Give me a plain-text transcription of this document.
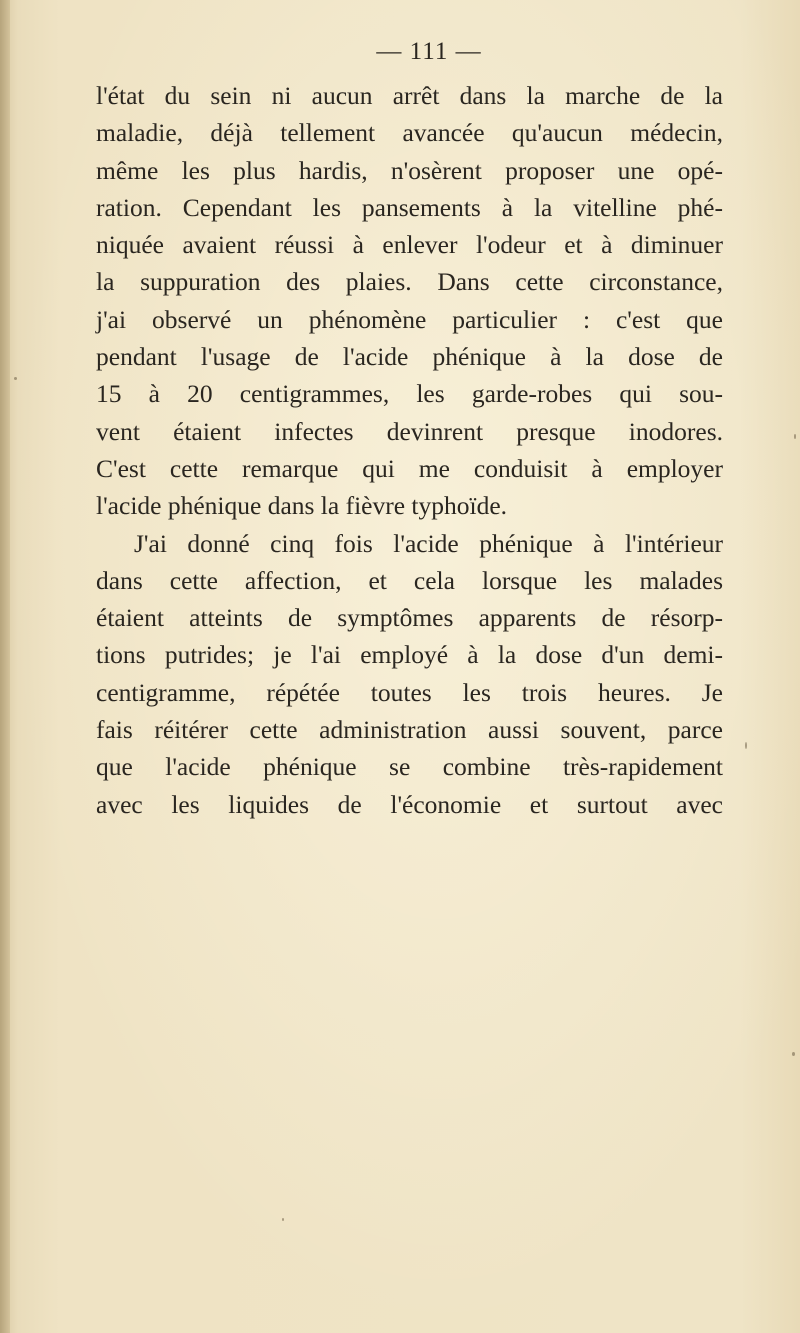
— 111 —
l'état du sein ni aucun arrêt dans la marche de la
maladie, déjà tellement avancée qu'aucun médecin,
même les plus hardis, n'osèrent proposer une opé-
ration. Cependant les pansements à la vitelline phé-
niquée avaient réussi à enlever l'odeur et à diminuer
la suppuration des plaies. Dans cette circonstance,
j'ai observé un phénomène particulier : c'est que
pendant l'usage de l'acide phénique à la dose de
15 à 20 centigrammes, les garde-robes qui sou-
vent étaient infectes devinrent presque inodores.
C'est cette remarque qui me conduisit à employer
l'acide phénique dans la fièvre typhoïde.
J'ai donné cinq fois l'acide phénique à l'intérieur
dans cette affection, et cela lorsque les malades
étaient atteints de symptômes apparents de résorp-
tions putrides; je l'ai employé à la dose d'un demi-
centigramme, répétée toutes les trois heures. Je
fais réitérer cette administration aussi souvent, parce
que l'acide phénique se combine très-rapidement
avec les liquides de l'économie et surtout avec
